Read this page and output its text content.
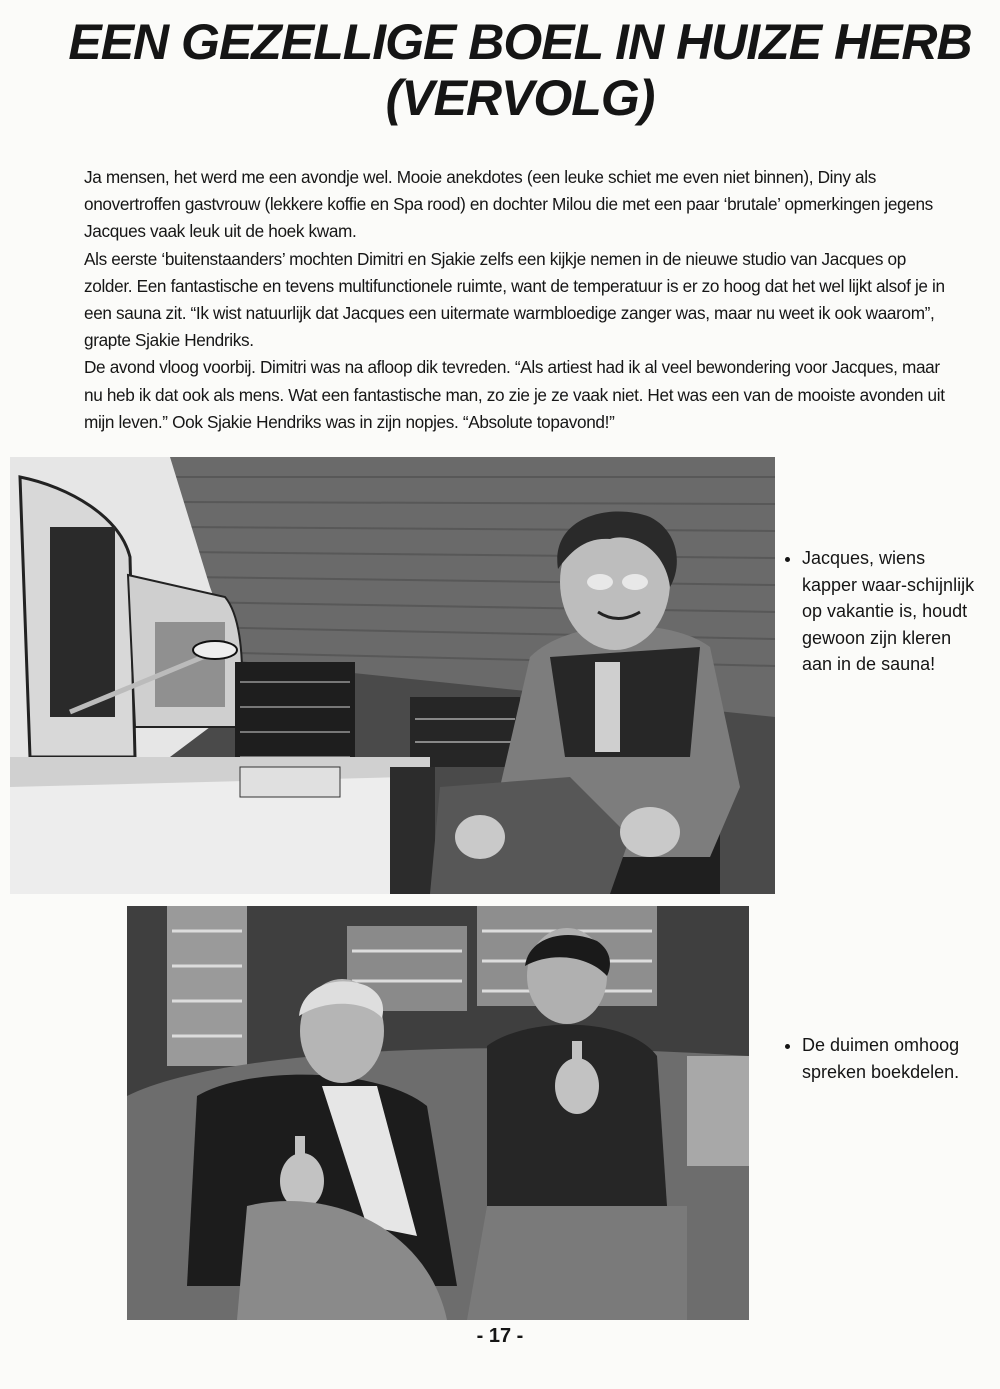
EEN GEZELLIGE BOEL IN HUIZE HERB
(VERVOLG)

Ja mensen, het werd me een avondje wel. Mooie anekdotes (een leuke schiet me even niet binnen), Diny als onovertroffen gastvrouw (lekkere koffie en Spa rood) en dochter Milou die met een paar ‘brutale’ opmerkingen jegens Jacques vaak leuk uit de hoek kwam.

Als eerste ‘buitenstaanders’ mochten Dimitri en Sjakie zelfs een kijkje nemen in de nieuwe studio van Jacques op zolder. Een fantastische en tevens multifunctionele ruimte, want de temperatuur is er zo hoog dat het wel lijkt alsof je in een sauna zit. “Ik wist natuurlijk dat Jacques een uitermate warmbloedige zanger was, maar nu weet ik ook waarom”, grapte Sjakie Hendriks.

De avond vloog voorbij. Dimitri was na afloop dik tevreden. “Als artiest had ik al veel bewondering voor Jacques, maar nu heb ik dat ook als mens. Wat een fantastische man, zo zie je ze vaak niet. Het was een van de mooiste avonden uit mijn leven.” Ook Sjakie Hendriks was in zijn nopjes. “Absolute topavond!”

• Jacques, wiens kapper waar-schijnlijk op vakantie is, houdt gewoon zijn kleren aan in de sauna!
• De duimen omhoog spreken boekdelen.
- 17 -
